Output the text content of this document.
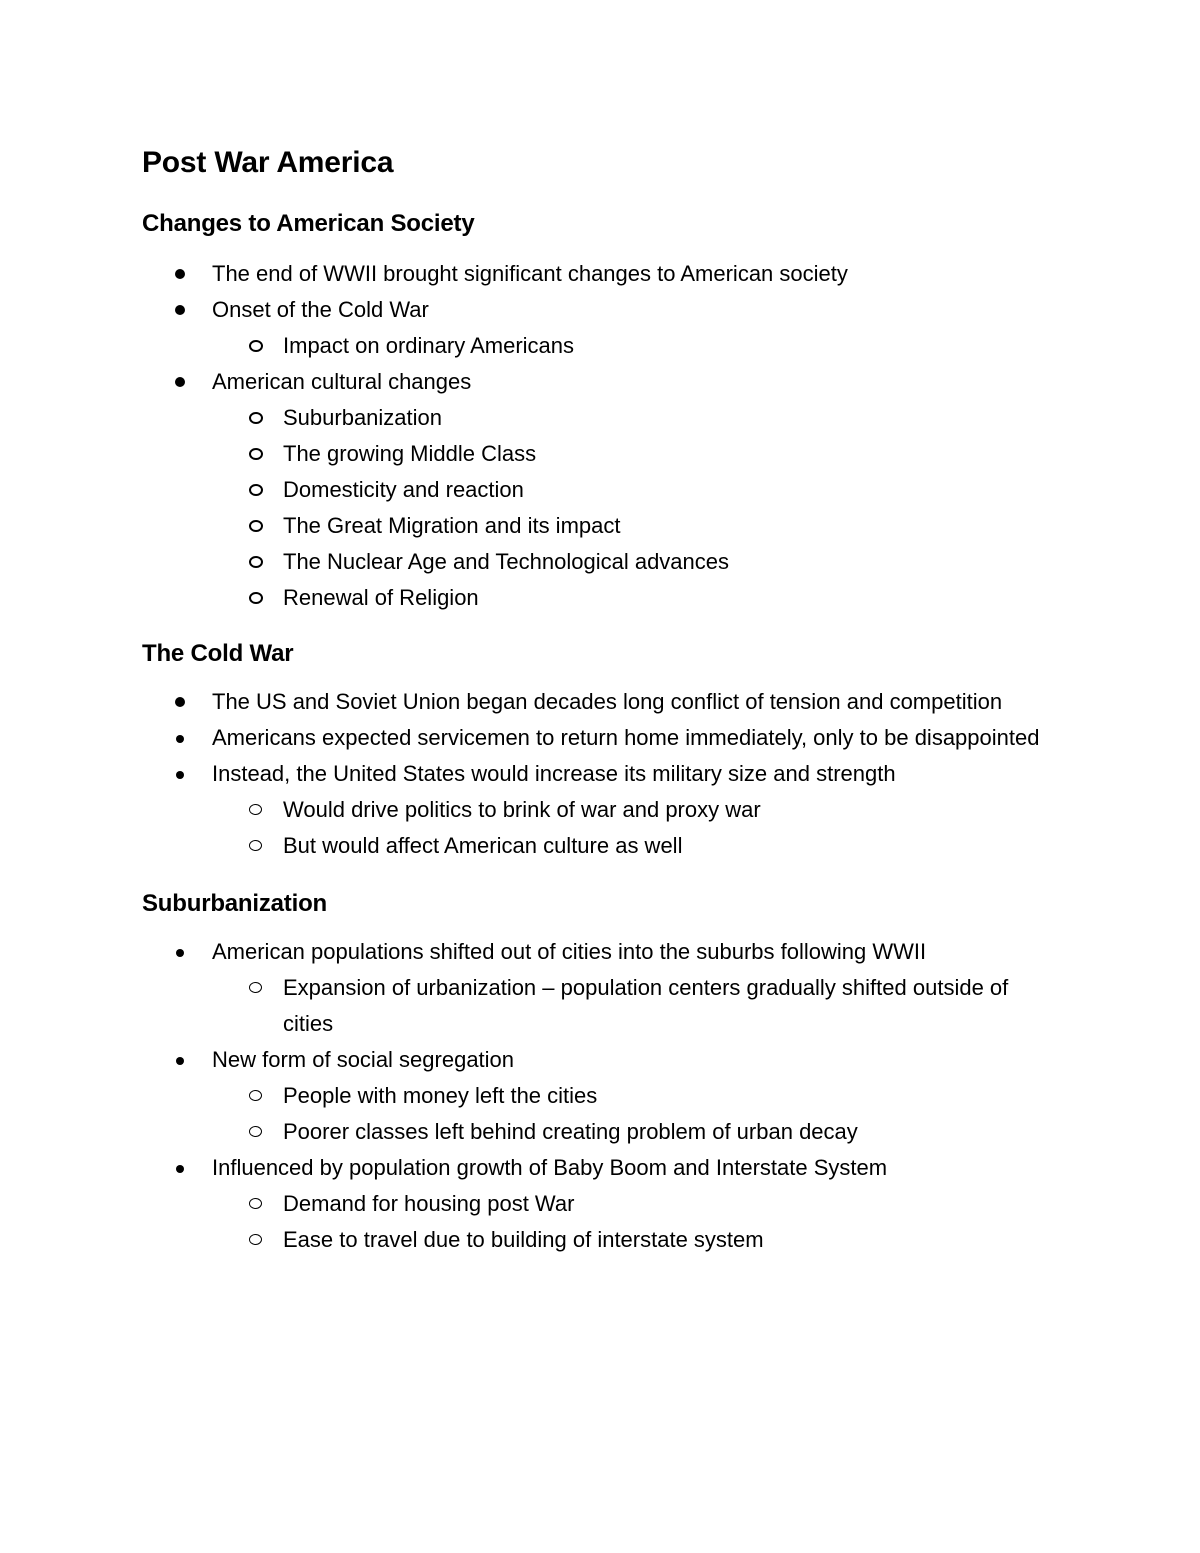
Post War America
Changes to American Society
The end of WWII brought significant changes to American society
Onset of the Cold War
Impact on ordinary Americans
American cultural changes
Suburbanization
The growing Middle Class
Domesticity and reaction
The Great Migration and its impact
The Nuclear Age and Technological advances
Renewal of Religion
The Cold War
The US and Soviet Union began decades long conflict of tension and competition
Americans expected servicemen to return home immediately, only to be disappointed
Instead, the United States would increase its military size and strength
Would drive politics to brink of war and proxy war
But would affect American culture as well
Suburbanization
American populations shifted out of cities into the suburbs following WWII
Expansion of urbanization – population centers gradually shifted outside of cities
New form of social segregation
People with money left the cities
Poorer classes left behind creating problem of urban decay
Influenced by population growth of Baby Boom and Interstate System
Demand for housing post War
Ease to travel due to building of interstate system
